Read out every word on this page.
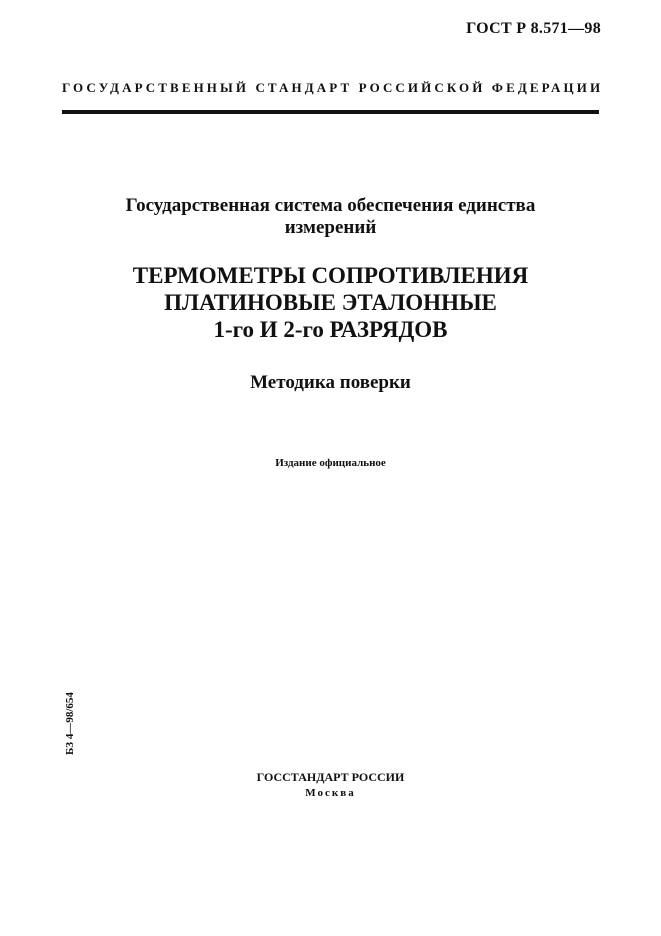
ГОСТ Р 8.571—98
ГОСУДАРСТВЕННЫЙ СТАНДАРТ РОССИЙСКОЙ ФЕДЕРАЦИИ
Государственная система обеспечения единства
измерений
ТЕРМОМЕТРЫ СОПРОТИВЛЕНИЯ
ПЛАТИНОВЫЕ ЭТАЛОННЫЕ
1-го И 2-го РАЗРЯДОВ
Методика поверки
Издание официальное
БЗ 4—98/654
ГОССТАНДАРТ РОССИИ
Москва
